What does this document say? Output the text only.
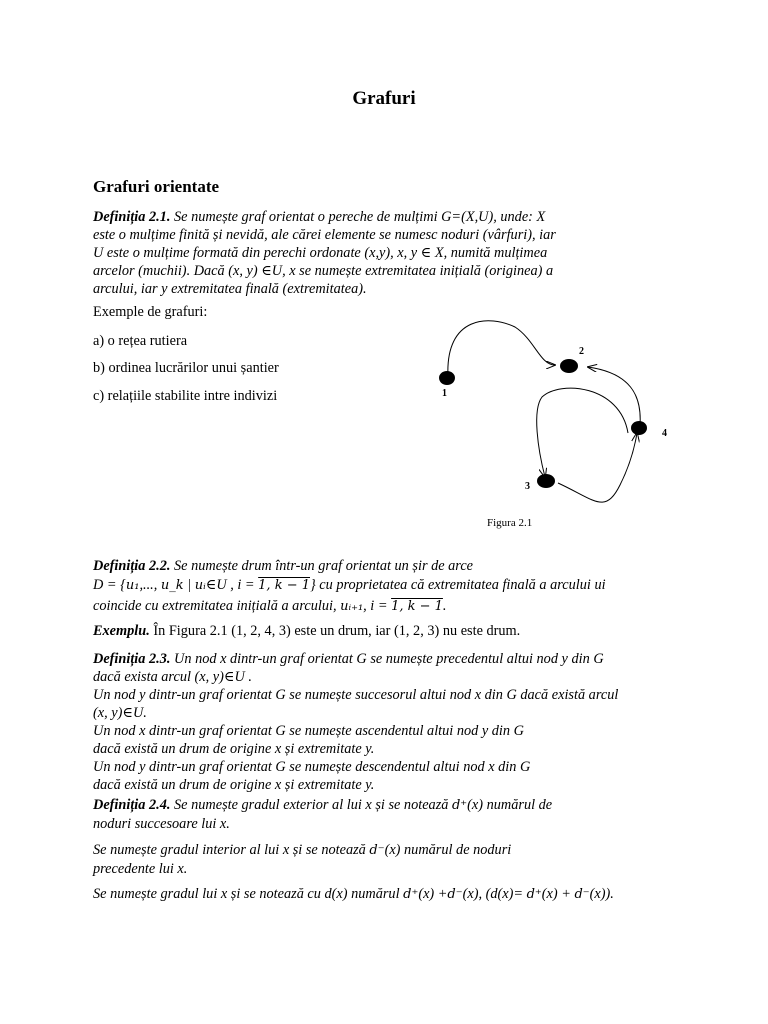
Grafuri
Grafuri orientate
Definiția 2.1. Se numește graf orientat o pereche de mulțimi G=(X,U), unde: X
este o mulțime finită și nevidă, ale cărei elemente se numesc noduri (vârfuri), iar
U este o mulțime formată din perechi ordonate (x,y), x, y ∈ X, numită mulțimea
arcelor (muchii). Dacă (x, y) ∈U, x se numește extremitatea inițială (originea) a
arcului, iar y extremitatea finală (extremitatea).
Exemple de grafuri:
a) o rețea rutiera
b) ordinea lucrărilor unui șantier
c) relațiile stabilite intre indivizi	1
2
4
3
Figura 2.1
Definiția 2.2. Se numește drum într-un graf orientat un șir de arce
D = {u₁,..., u_k | uᵢ∈U , i = 1, k − 1} cu proprietatea că extremitatea finală a arcului ui
coincide cu extremitatea inițială a arcului, uᵢ₊₁, i = 1, k − 1.
Exemplu. În Figura 2.1 (1, 2, 4, 3) este un drum, iar (1, 2, 3) nu este drum.
Definiția 2.3. Un nod x dintr-un graf orientat G se numește precedentul altui nod y din G
dacă exista arcul (x, y)∈U .
Un nod y dintr-un graf orientat G se numește succesorul altui nod x din G dacă există arcul
(x, y)∈U.
Un nod x dintr-un graf orientat G se numește ascendentul altui nod y din G
dacă există un drum de origine x și extremitate y.
Un nod y dintr-un graf orientat G se numește descendentul altui nod x din G
dacă există un drum de origine x și extremitate y.
Definiția 2.4. Se numește gradul exterior al lui x și se notează d⁺(x) numărul de
noduri succesoare lui x.
Se numește gradul interior al lui x și se notează d⁻(x) numărul de noduri
precedente lui x.
Se numește gradul lui x și se notează cu d(x) numărul d⁺(x) +d⁻(x), (d(x)= d⁺(x) + d⁻(x)).
